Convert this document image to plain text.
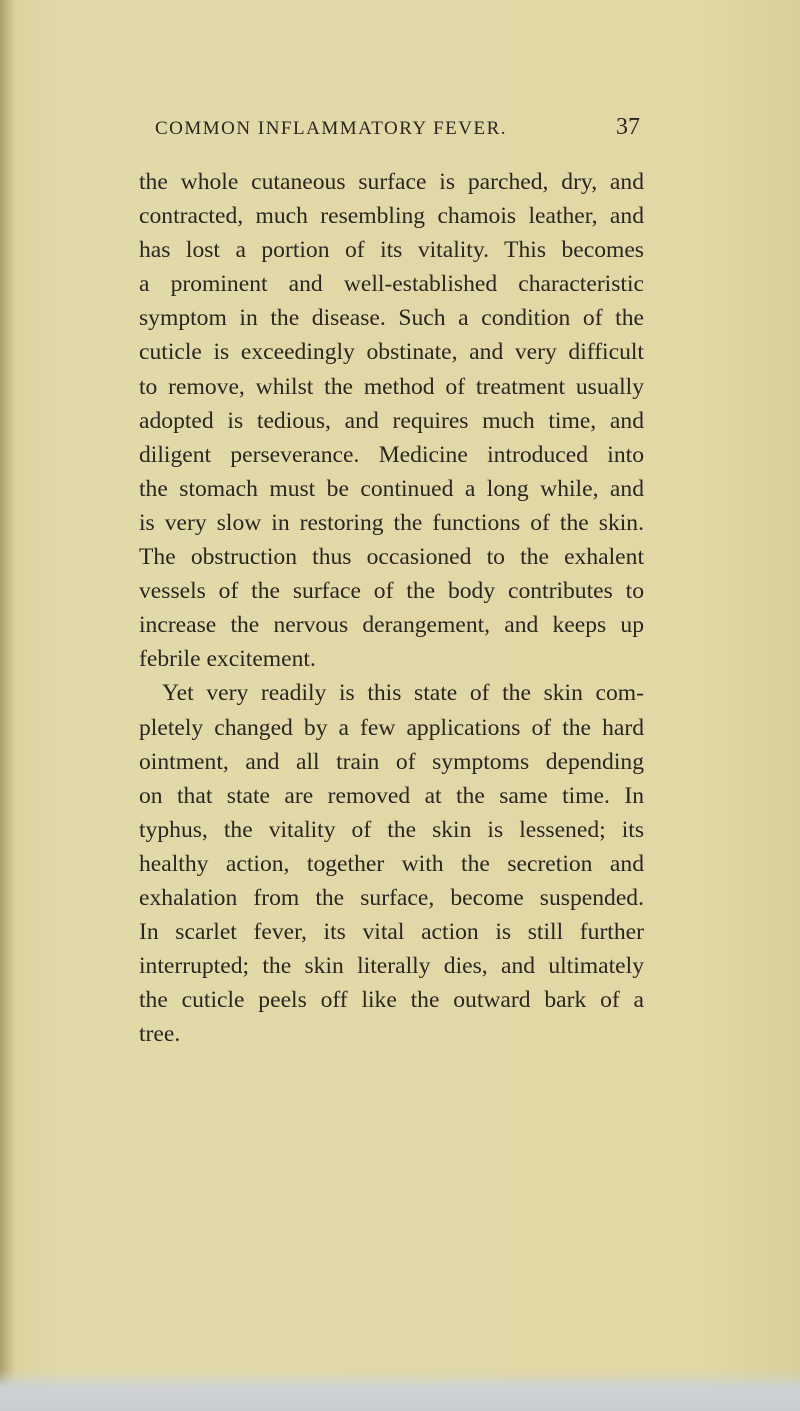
COMMON INFLAMMATORY FEVER.	37
the whole cutaneous surface is parched, dry, and
contracted, much resembling chamois leather, and
has lost a portion of its vitality. This becomes
a prominent and well-established characteristic
symptom in the disease. Such a condition of the
cuticle is exceedingly obstinate, and very difficult
to remove, whilst the method of treatment usually
adopted is tedious, and requires much time, and
diligent perseverance. Medicine introduced into
the stomach must be continued a long while, and
is very slow in restoring the functions of the skin.
The obstruction thus occasioned to the exhalent
vessels of the surface of the body contributes to
increase the nervous derangement, and keeps up
febrile excitement.
Yet very readily is this state of the skin com-
pletely changed by a few applications of the hard
ointment, and all train of symptoms depending
on that state are removed at the same time. In
typhus, the vitality of the skin is lessened; its
healthy action, together with the secretion and
exhalation from the surface, become suspended.
In scarlet fever, its vital action is still further
interrupted; the skin literally dies, and ultimately
the cuticle peels off like the outward bark of a
tree.
